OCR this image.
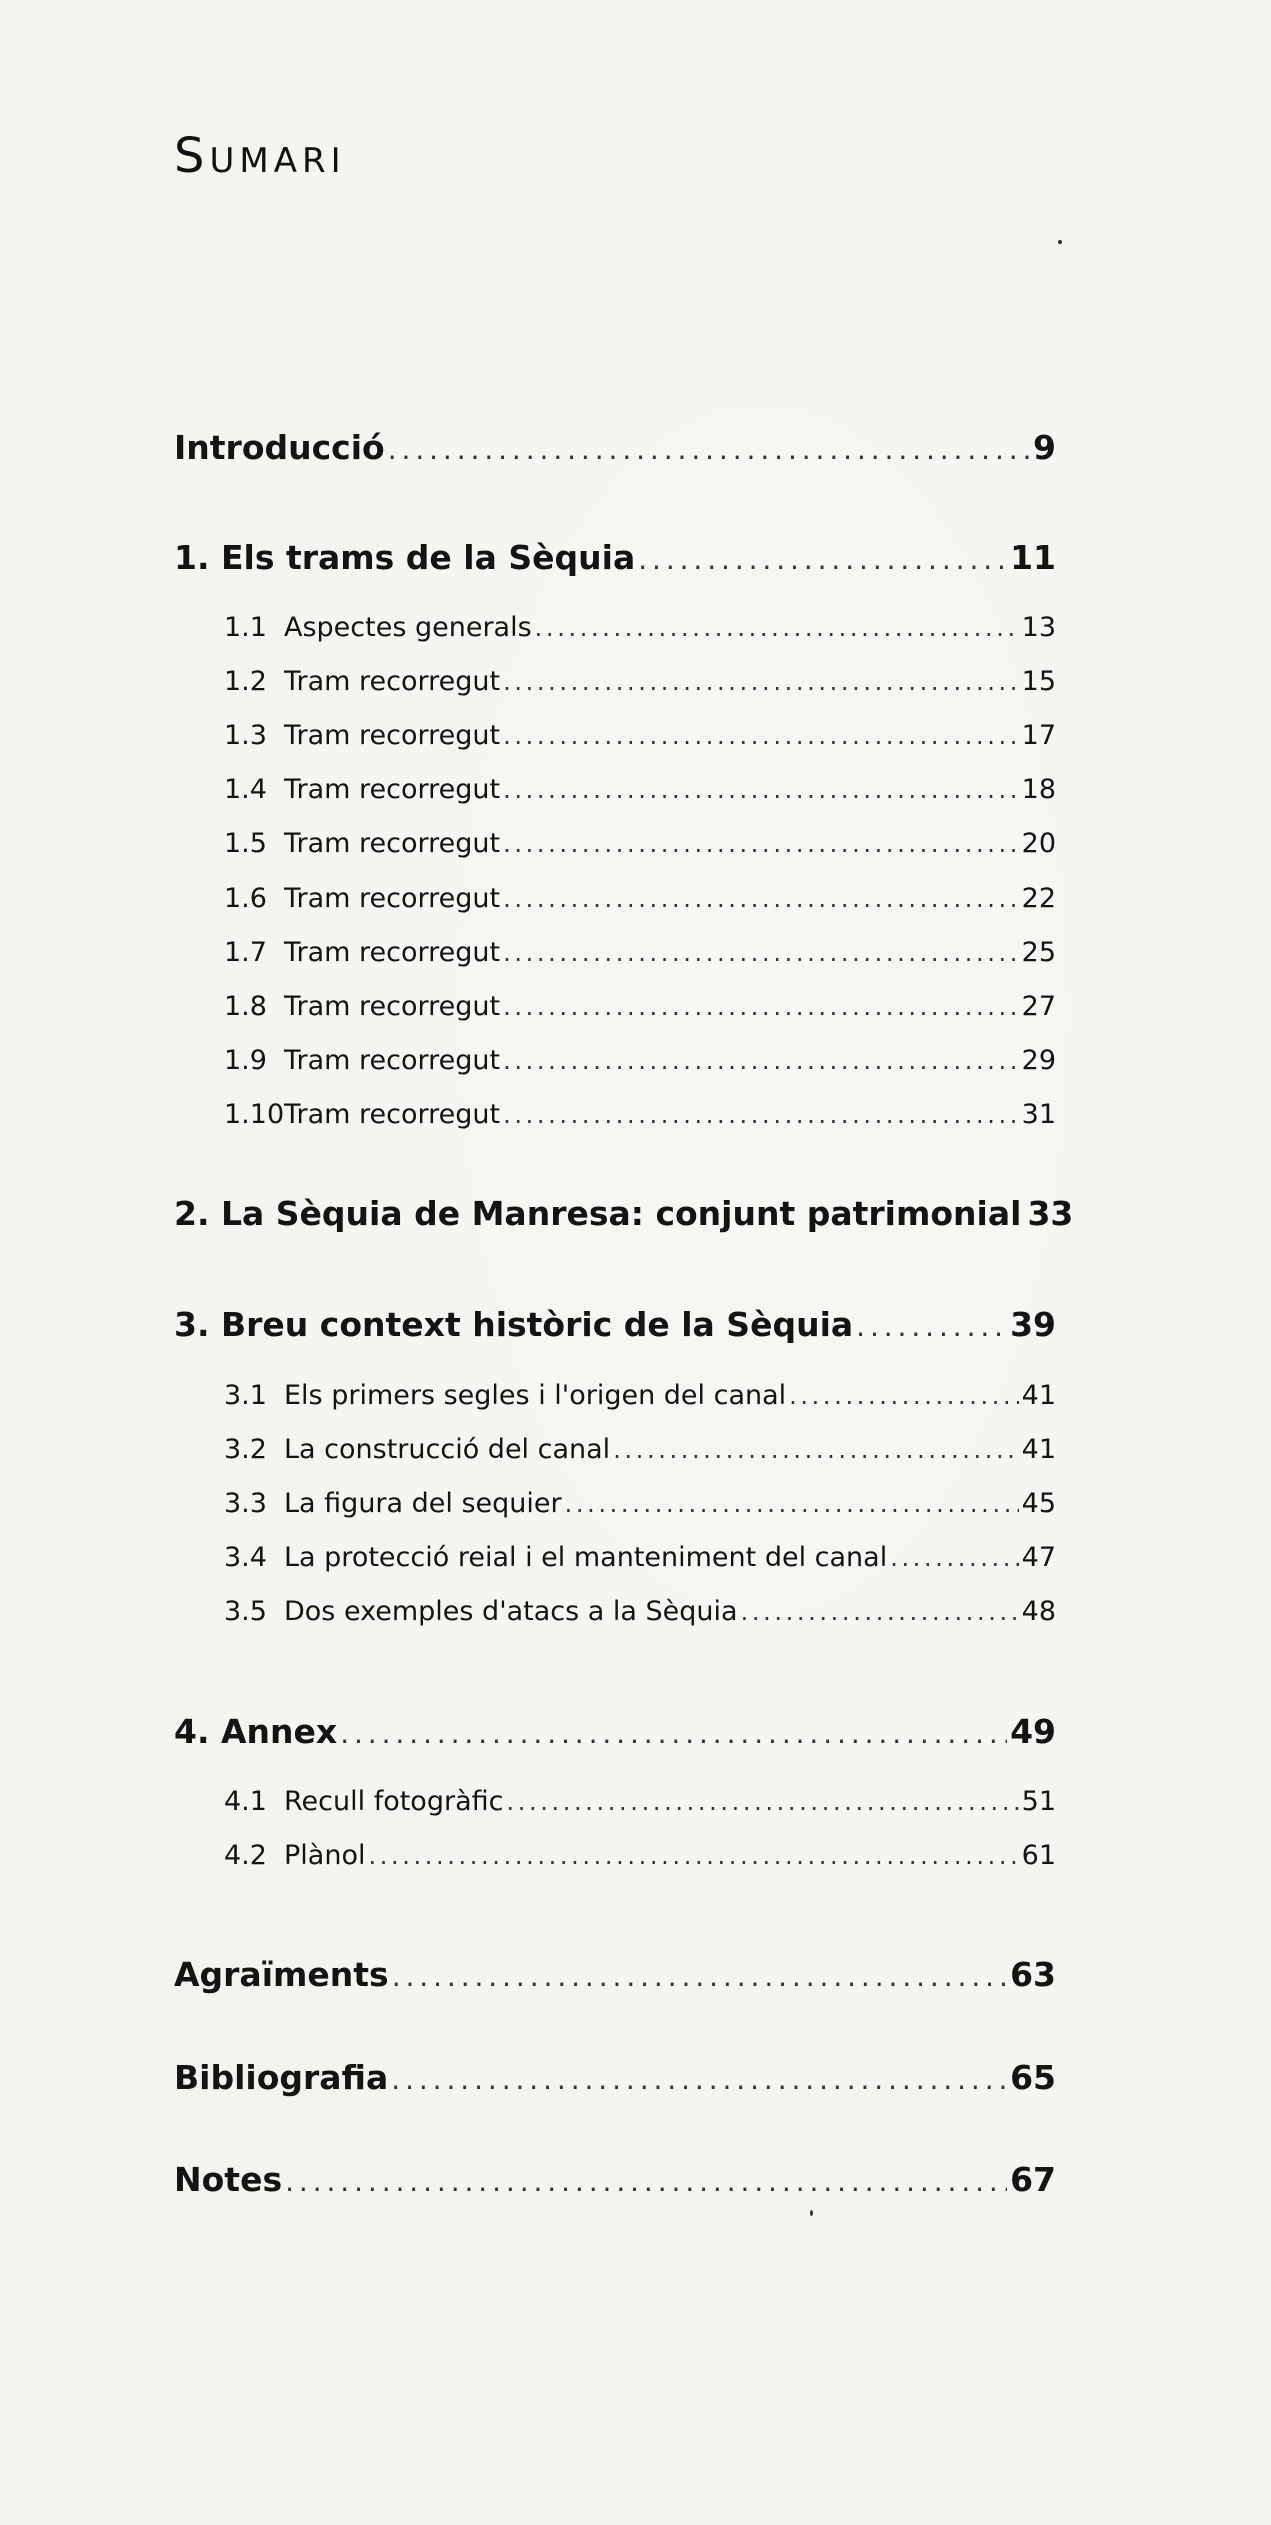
Sumari
Introducció . . .	9
1. Els trams de la Sèquia . . .	11
1.1 Aspectes generals . . .	13
1.2 Tram recorregut . . .	15
1.3 Tram recorregut . . .	17
1.4 Tram recorregut . . .	18
1.5 Tram recorregut . . .	20
1.6 Tram recorregut . . .	22
1.7 Tram recorregut . . .	25
1.8 Tram recorregut . . .	27
1.9 Tram recorregut . . .	29
1.10Tram recorregut . . .	31
2. La Sèquia de Manresa: conjunt patrimonial 33
3. Breu context històric de la Sèquia . . .	39
3.1 Els primers segles i l'origen del canal . . .	41
3.2 La construcció del canal . . .	41
3.3 La figura del sequier . . .	45
3.4 La protecció reial i el manteniment del canal . . .	47
3.5 Dos exemples d'atacs a la Sèquia . . .	48
4. Annex . . .	49
4.1 Recull fotogràfic . . .	51
4.2 Plànol . . .	61
Agraïments . . .	63
Bibliografia . . .	65
Notes . . .	67
